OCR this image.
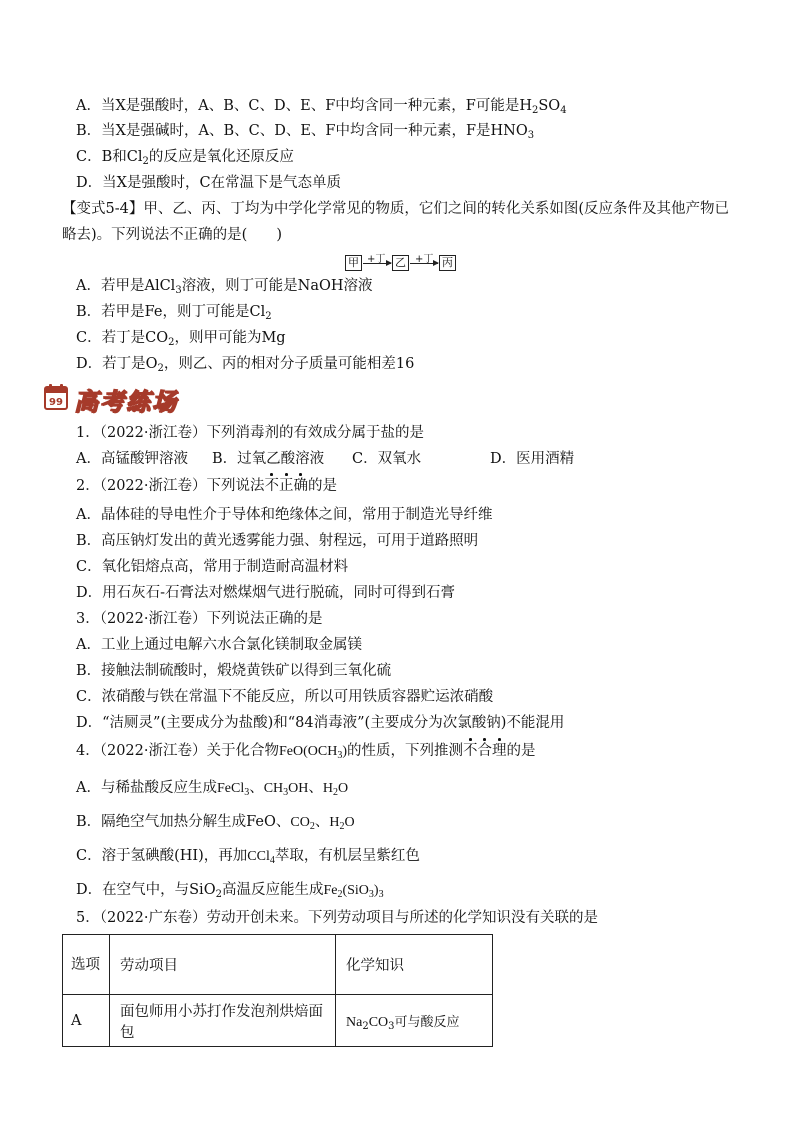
A．当X是强酸时，A、B、C、D、E、F中均含同一种元素，F可能是$H_2SO_4$
B．当X是强碱时，A、B、C、D、E、F中均含同一种元素，F是$HNO_3$
C．B和$Cl_2$的反应是氧化还原反应
D．当X是强酸时，C在常温下是气态单质
【变式5-4】甲、乙、丙、丁均为中学化学常见的物质，它们之间的转化关系如图(反应条件及其他产物已
略去)。下列说法不正确的是(　　)
甲 +丁 乙 +丁 丙
A．若甲是AlCl$_3$溶液，则丁可能是NaOH溶液
B．若甲是Fe，则丁可能是$Cl_2$
C．若丁是$CO_2$，则甲可能为Mg
D．若丁是$O_2$，则乙、丙的相对分子质量可能相差16
99 高考练场
1．（2022·浙江卷）下列消毒剂的有效成分属于盐的是
A．高锰酸钾溶液 B．过氧乙酸溶液 C．双氧水	D．医用酒精
2．（2022·浙江卷）下列说法不正确的是
A．晶体硅的导电性介于导体和绝缘体之间，常用于制造光导纤维
B．高压钠灯发出的黄光透雾能力强、射程远，可用于道路照明
C．氧化铝熔点高，常用于制造耐高温材料
D．用石灰石-石膏法对燃煤烟气进行脱硫，同时可得到石膏
3．（2022·浙江卷）下列说法正确的是
A．工业上通过电解六水合氯化镁制取金属镁
B．接触法制硫酸时，煅烧黄铁矿以得到三氧化硫
C．浓硝酸与铁在常温下不能反应，所以可用铁质容器贮运浓硝酸
D．“洁厕灵”(主要成分为盐酸)和“84消毒液”(主要成分为次氯酸钠)不能混用
4．（2022·浙江卷）关于化合物$FeO(OCH_3)$的性质，下列推测不合理的是
A．与稀盐酸反应生成FeCl$_3$、$CH_3OH$、$H_2O$
B．隔绝空气加热分解生成FeO、$CO_2$、$H_2O$
C．溶于氢碘酸(HI)，再加CCl$_4$萃取，有机层呈紫红色
D．在空气中，与SiO$_2$高温反应能生成$Fe_2(SiO_3)_3$
5．（2022·广东卷）劳动开创未来。下列劳动项目与所述的化学知识没有关联的是
选项	劳动项目	化学知识
A	面包师用小苏打作发泡剂烘焙面包	$Na_2CO_3$可与酸反应
